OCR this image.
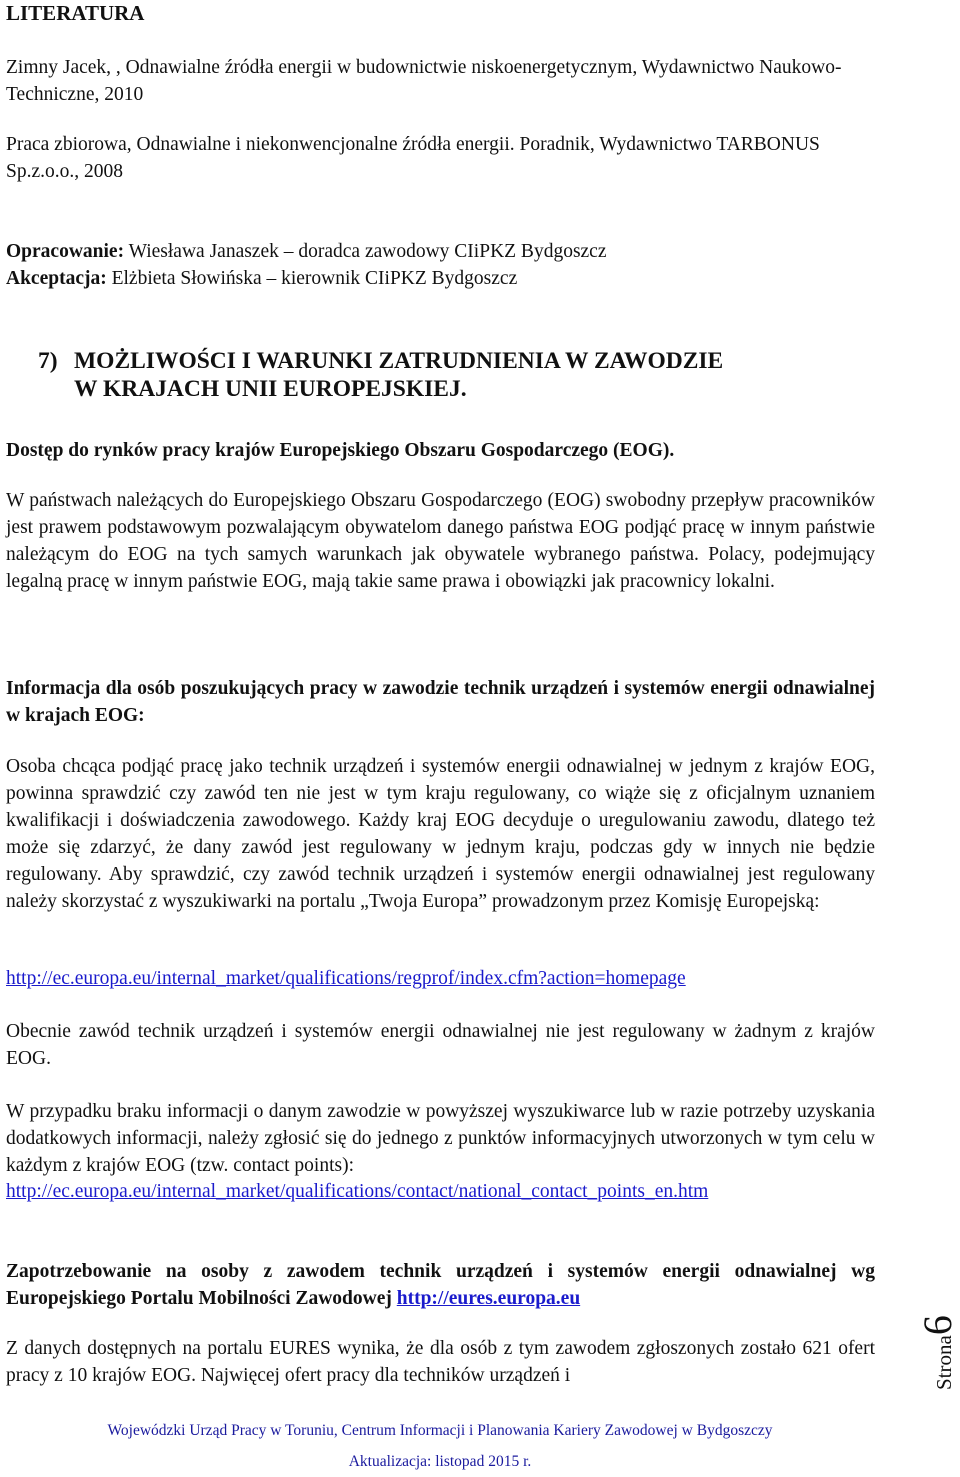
LITERATURA

Zimny Jacek, , Odnawialne źródła energii w budownictwie niskoenergetycznym, Wydawnictwo Naukowo- Techniczne, 2010

Praca zbiorowa, Odnawialne i niekonwencjonalne źródła energii. Poradnik, Wydawnictwo TARBONUS Sp.z.o.o., 2008

Opracowanie: Wiesława Janaszek – doradca zawodowy CIiPKZ Bydgoszcz

Akceptacja: Elżbieta Słowińska – kierownik CIiPKZ Bydgoszcz

7) MOŻLIWOŚCI I WARUNKI ZATRUDNIENIA W ZAWODZIE
W KRAJACH UNII EUROPEJSKIEJ.
Dostęp do rynków pracy krajów Europejskiego Obszaru Gospodarczego (EOG).

W państwach należących do Europejskiego Obszaru Gospodarczego (EOG) swobodny przepływ pracowników jest prawem podstawowym pozwalającym obywatelom danego państwa EOG podjąć pracę w innym państwie należącym do EOG na tych samych warunkach jak obywatele wybranego państwa. Polacy, podejmujący legalną pracę w innym państwie EOG, mają takie same prawa i obowiązki jak pracownicy lokalni.

Informacja dla osób poszukujących pracy w zawodzie technik urządzeń i systemów energii odnawialnej w krajach EOG:

Osoba chcąca podjąć pracę jako technik urządzeń i systemów energii odnawialnej w jednym z krajów EOG, powinna sprawdzić czy zawód ten nie jest w tym kraju regulowany, co wiąże się z oficjalnym uznaniem kwalifikacji i doświadczenia zawodowego. Każdy kraj EOG decyduje o uregulowaniu zawodu, dlatego też może się zdarzyć, że dany zawód jest regulowany w jednym kraju, podczas gdy w innych nie będzie regulowany. Aby sprawdzić, czy zawód technik urządzeń i systemów energii odnawialnej jest regulowany należy skorzystać z wyszukiwarki na portalu „Twoja Europa” prowadzonym przez Komisję Europejską:

http://ec.europa.eu/internal_market/qualifications/regprof/index.cfm?action=homepage

Obecnie zawód technik urządzeń i systemów energii odnawialnej nie jest regulowany w żadnym z krajów EOG.

W przypadku braku informacji o danym zawodzie w powyższej wyszukiwarce lub w razie potrzeby uzyskania dodatkowych informacji, należy zgłosić się do jednego z punktów informacyjnych utworzonych w tym celu w każdym z krajów EOG (tzw. contact points):

http://ec.europa.eu/internal_market/qualifications/contact/national_contact_points_en.htm
Zapotrzebowanie na osoby z zawodem technik urządzeń i systemów energii odnawialnej wg Europejskiego Portalu Mobilności Zawodowej http://eures.europa.eu

Z danych dostępnych na portalu EURES wynika, że dla osób z tym zawodem zgłoszonych zostało 621 ofert pracy z 10 krajów EOG. Najwięcej ofert pracy dla techników urządzeń i

Wojewódzki Urząd Pracy w Toruniu, Centrum Informacji i Planowania Kariery Zawodowej w Bydgoszczy
Aktualizacja: listopad 2015 r.
Strona6
